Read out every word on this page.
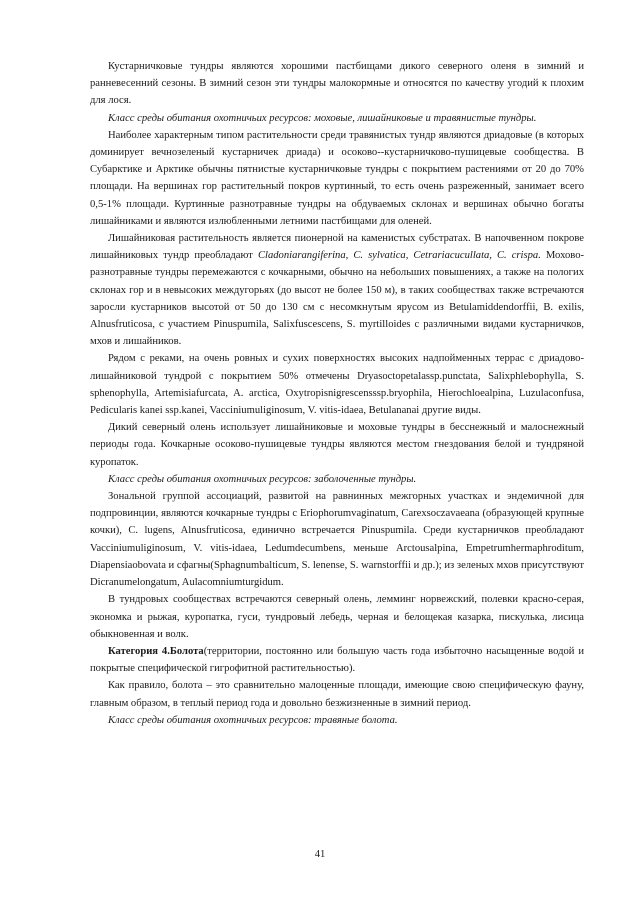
Кустарничковые тундры являются хорошими пастбищами дикого северного оленя в зимний и ранневесенний сезоны. В зимний сезон эти тундры малокормные и относятся по качеству угодий к плохим для лося.

Класс среды обитания охотничьих ресурсов: моховые, лишайниковые и травянистые тундры.

Наиболее характерным типом растительности среди травянистых тундр являются дриадовые (в которых доминирует вечнозеленый кустарничек дриада) и осоково--кустарничково-пушицевые сообщества. В Субарктике и Арктике обычны пятнистые кустарничковые тундры с покрытием растениями от 20 до 70% площади. На вершинах гор растительный покров куртинный, то есть очень разреженный, занимает всего 0,5-1% площади. Куртинные разнотравные тундры на обдуваемых склонах и вершинах обычно богаты лишайниками и являются излюбленными летними пастбищами для оленей.

Лишайниковая растительность является пионерной на каменистых субстратах. В напочвенном покрове лишайниковых тундр преобладают Cladoniarangiferina, C. sylvatica, Cetrariacucullata, C. crispa. Мохово-разнотравные тундры перемежаются с кочкарными, обычно на небольших повышениях, а также на пологих склонах гор и в невысоких междугорьях (до высот не более 150 м), в таких сообществах также встречаются заросли кустарников высотой от 50 до 130 см с несомкнутым ярусом из Betulamiddendorffii, B. exilis, Alnusfruticosa, с участием Pinuspumila, Salixfuscescens, S. myrtilloides с различными видами кустарничков, мхов и лишайников.

Рядом с реками, на очень ровных и сухих поверхностях высоких надпойменных террас с дриадово-лишайниковой тундрой с покрытием 50% отмечены Dryasoctopetalassp.punctata, Salixphlebophylla, S. sphenophylla, Artemisiafurcata, A. arctica, Oxytropisnigrescensssp.bryophila, Hierochloealpina, Luzulaconfusa, Pedicularis kanei ssp.kanei, Vacciniumuliginosum, V. vitis-idaea, Betulananai другие виды.

Дикий северный олень использует лишайниковые и моховые тундры в бесснежный и малоснежный периоды года. Кочкарные осоково-пушицевые тундры являются местом гнездования белой и тундряной куропаток.

Класс среды обитания охотничьих ресурсов: заболоченные тундры.

Зональной группой ассоциаций, развитой на равнинных межгорных участках и эндемичной для подпровинции, являются кочкарные тундры с Eriophorumvaginatum, Carexsoczavaeana (образующей крупные кочки), C. lugens, Alnusfruticosa, единично встречается Pinuspumila. Среди кустарничков преобладают Vacciniumuliginosum, V. vitis-idaea, Ledumdecumbens, меньше Arctousalpina, Empetrumhermaphroditum, Diapensiaobovata и сфагны(Sphagnumbalticum, S. lenense, S. warnstorffii и др.); из зеленых мхов присутствуют Dicranumelongatum, Aulacomniumturgidum.

В тундровых сообществах встречаются северный олень, лемминг норвежский, полевки красно-серая, экономка и рыжая, куропатка, гуси, тундровый лебедь, черная и белощекая казарка, пискулька, лисица обыкновенная и волк.

Категория 4.Болота(территории, постоянно или большую часть года избыточно насыщенные водой и покрытые специфической гигрофитной растительностью).

Как правило, болота – это сравнительно малоценные площади, имеющие свою специфическую фауну, главным образом, в теплый период года и довольно безжизненные в зимний период.

Класс среды обитания охотничьих ресурсов: травяные болота.

41
